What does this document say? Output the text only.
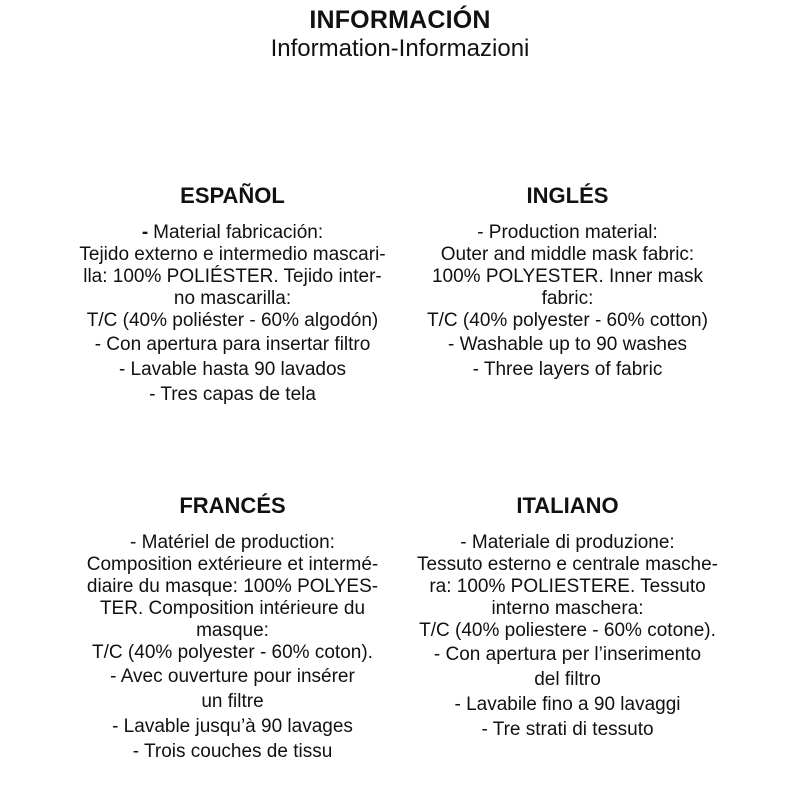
INFORMACIÓN
Information-Informazioni
ESPAÑOL
- Material fabricación:
Tejido externo e intermedio mascari-
lla: 100% POLIÉSTER. Tejido inter-
no mascarilla:
T/C (40% poliéster - 60% algodón)
- Con apertura para insertar filtro
- Lavable hasta 90 lavados
- Tres capas de tela
INGLÉS
- Production material:
Outer and middle mask fabric:
100% POLYESTER. Inner mask
fabric:
T/C (40% polyester - 60% cotton)
- Washable up to 90 washes
- Three layers of fabric
FRANCÉS
- Matériel de production:
Composition extérieure et intermé-
diaire du masque: 100% POLYES-
TER. Composition intérieure du
masque:
T/C (40% polyester - 60% coton).
- Avec ouverture pour insérer
un filtre
- Lavable jusqu’à 90 lavages
- Trois couches de tissu
ITALIANO
- Materiale di produzione:
Tessuto esterno e centrale masche-
ra: 100% POLIESTERE. Tessuto
interno maschera:
T/C (40% poliestere - 60% cotone).
- Con apertura per l’inserimento
del filtro
- Lavabile fino a 90 lavaggi
- Tre strati di tessuto
